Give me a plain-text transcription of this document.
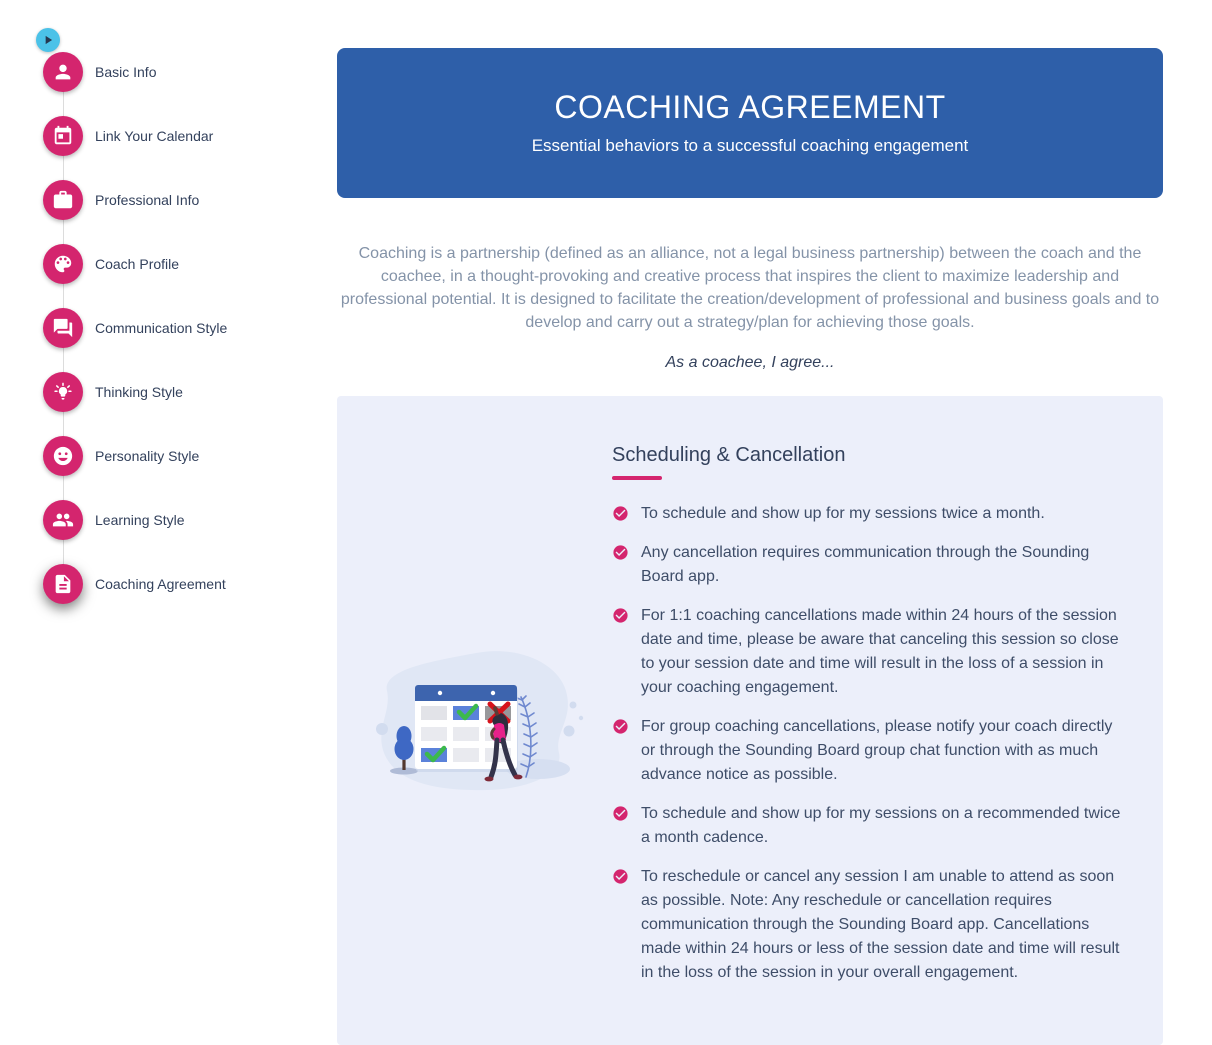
Basic Info
Link Your Calendar
Professional Info
Coach Profile
Communication Style
Thinking Style
Personality Style
Learning Style
Coaching Agreement
COACHING AGREEMENT
Essential behaviors to a successful coaching engagement

Coaching is a partnership (defined as an alliance, not a legal business partnership) between the coach and the coachee, in a thought-provoking and creative process that inspires the client to maximize leadership and professional potential. It is designed to facilitate the creation/development of professional and business goals and to develop and carry out a strategy/plan for achieving those goals.

As a coachee, I agree...

Scheduling & Cancellation
To schedule and show up for my sessions twice a month.
Any cancellation requires communication through the Sounding Board app.
For 1:1 coaching cancellations made within 24 hours of the session date and time, please be aware that canceling this session so close to your session date and time will result in the loss of a session in your coaching engagement.
For group coaching cancellations, please notify your coach directly or through the Sounding Board group chat function with as much advance notice as possible.
To schedule and show up for my sessions on a recommended twice a month cadence.
To reschedule or cancel any session I am unable to attend as soon as possible. Note: Any reschedule or cancellation requires communication through the Sounding Board app. Cancellations made within 24 hours or less of the session date and time will result in the loss of the session in your overall engagement.
